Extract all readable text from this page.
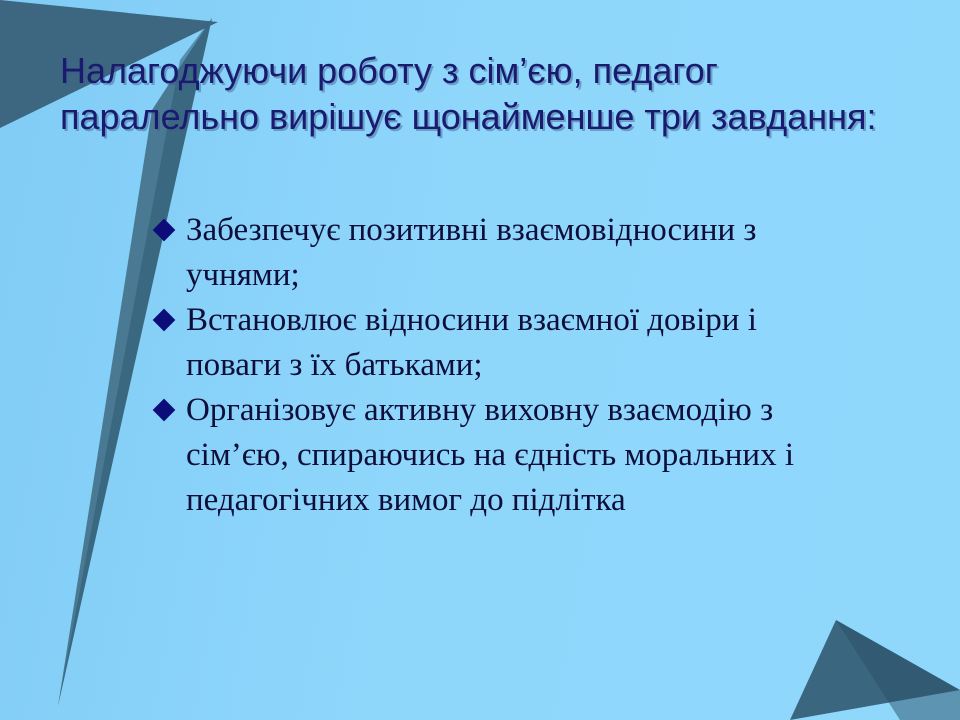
Налагоджуючи роботу з сім’єю, педагог
паралельно вирішує щонайменше три завдання:
Забезпечує позитивні взаємовідносини з
учнями;
Встановлює відносини взаємної довіри і
поваги з їх батьками;
Організовує активну виховну взаємодію з
сім’єю, спираючись на єдність моральних і
педагогічних вимог до підлітка
